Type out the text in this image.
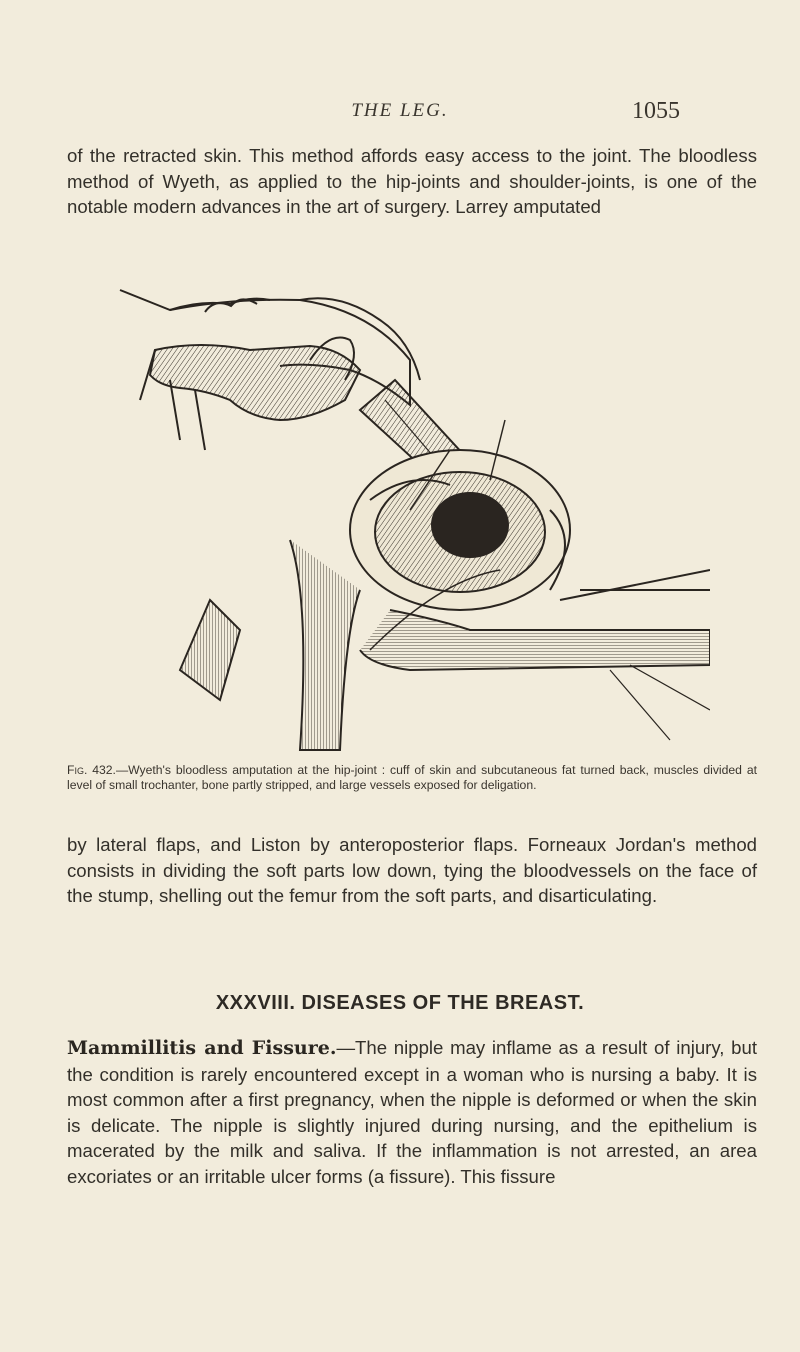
THE LEG.	1055

of the retracted skin. This method affords easy access to the joint. The bloodless method of Wyeth, as applied to the hip-joints and shoulder-joints, is one of the notable modern advances in the art of surgery. Larrey amputated

Fig. 432.—Wyeth's bloodless amputation at the hip-joint : cuff of skin and subcutaneous fat turned back, muscles divided at level of small trochanter, bone partly stripped, and large vessels exposed for deligation.

by lateral flaps, and Liston by anteroposterior flaps. Forneaux Jordan's method consists in dividing the soft parts low down, tying the bloodvessels on the face of the stump, shelling out the femur from the soft parts, and disarticulating.

XXXVIII. DISEASES OF THE BREAST.

Mammillitis and Fissure.—The nipple may inflame as a result of injury, but the condition is rarely encountered except in a woman who is nursing a baby. It is most common after a first pregnancy, when the nipple is deformed or when the skin is delicate. The nipple is slightly injured during nursing, and the epithelium is macerated by the milk and saliva. If the inflammation is not arrested, an area excoriates or an irritable ulcer forms (a fissure). This fissure
